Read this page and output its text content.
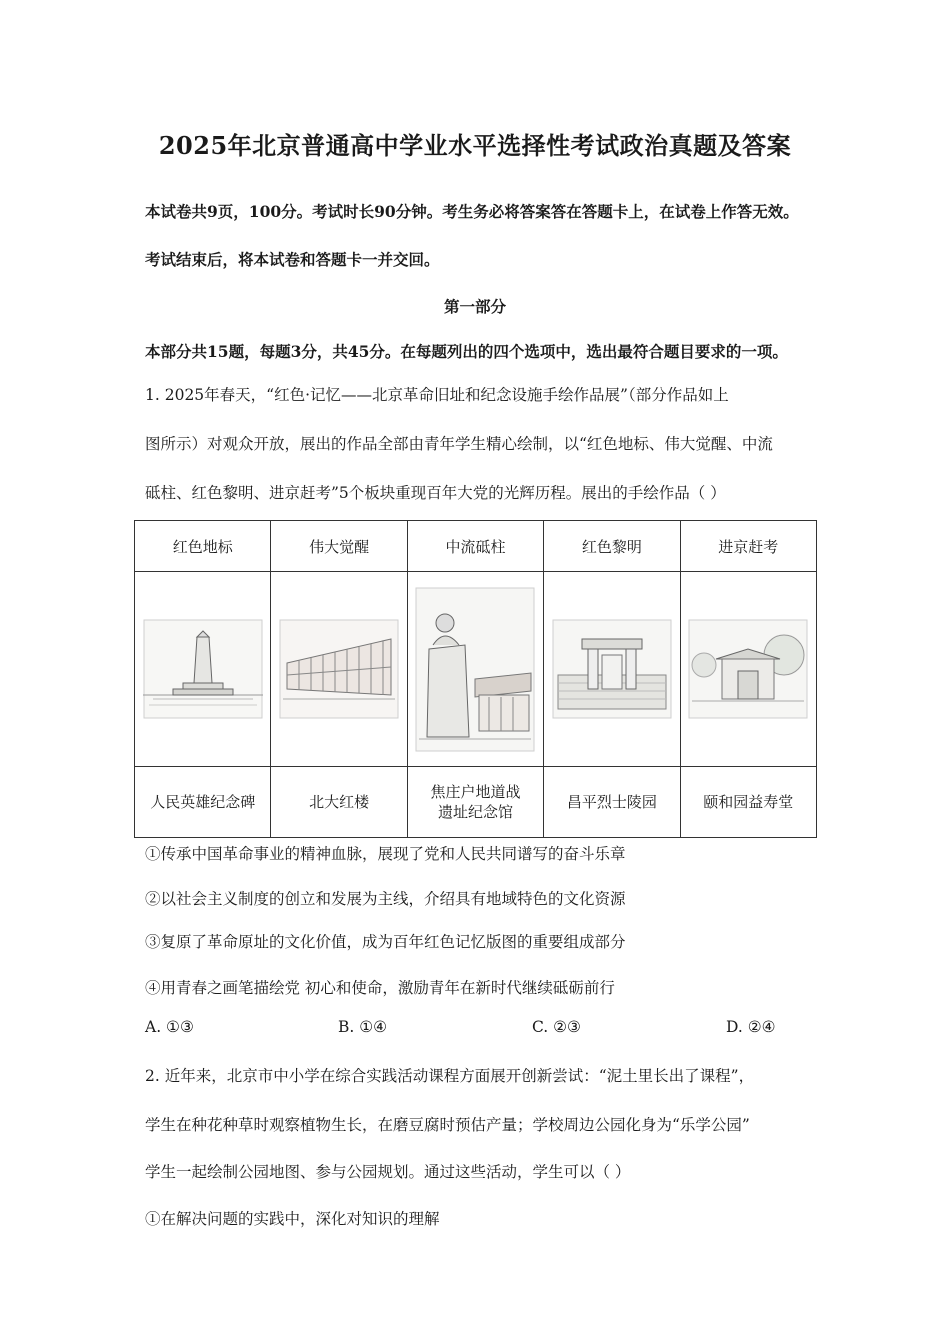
2025年北京普通高中学业水平选择性考试政治真题及答案
本试卷共9页，100分。考试时长90分钟。考生务必将答案答在答题卡上，在试卷上作答无效。
考试结束后，将本试卷和答题卡一并交回。
第一部分
本部分共15题，每题3分，共45分。在每题列出的四个选项中，选出最符合题目要求的一项。
1. 2025年春天，“红色·记忆——北京革命旧址和纪念设施手绘作品展”（部分作品如上
图所示）对观众开放，展出的作品全部由青年学生精心绘制，以“红色地标、伟大觉醒、中流
砥柱、红色黎明、进京赶考”5个板块重现百年大党的光辉历程。展出的手绘作品（ ）
红色地标	伟大觉醒	中流砥柱	红色黎明	进京赶考

人民英雄纪念碑	北大红楼	焦庄户地道战遗址纪念馆	昌平烈士陵园	颐和园益寿堂
①传承中国革命事业的精神血脉，展现了党和人民共同谱写的奋斗乐章
②以社会主义制度的创立和发展为主线，介绍具有地域特色的文化资源
③复原了革命原址的文化价值，成为百年红色记忆版图的重要组成部分
④用青春之画笔描绘党 初心和使命，激励青年在新时代继续砥砺前行
A. ①③	B. ①④	C. ②③	D. ②④
2. 近年来，北京市中小学在综合实践活动课程方面展开创新尝试：“泥土里长出了课程”，
学生在种花种草时观察植物生长，在磨豆腐时预估产量；学校周边公园化身为“乐学公园”
学生一起绘制公园地图、参与公园规划。通过这些活动，学生可以（ ）
①在解决问题的实践中，深化对知识的理解
